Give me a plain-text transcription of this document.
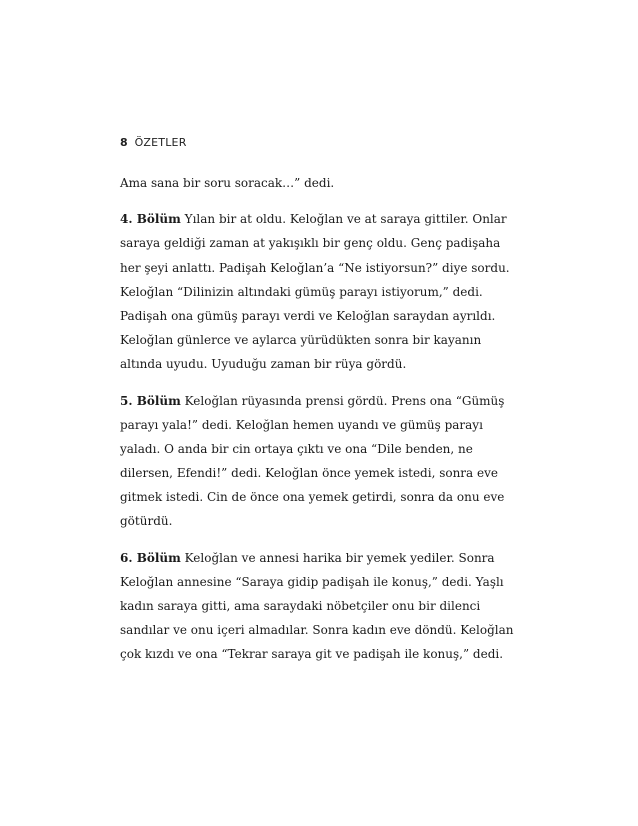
8 ÖZETLER
Ama sana bir soru soracak…” dedi.
4. Bölüm Yılan bir at oldu. Keloğlan ve at saraya gittiler. Onlar
saraya geldiği zaman at yakışıklı bir genç oldu. Genç padişaha
her şeyi anlattı. Padişah Keloğlan’a “Ne istiyorsun?” diye sordu.
Keloğlan “Dilinizin altındaki gümüş parayı istiyorum,” dedi.
Padişah ona gümüş parayı verdi ve Keloğlan saraydan ayrıldı.
Keloğlan günlerce ve aylarca yürüdükten sonra bir kayanın
altında uyudu. Uyuduğu zaman bir rüya gördü.
5. Bölüm Keloğlan rüyasında prensi gördü. Prens ona “Gümüş
parayı yala!” dedi. Keloğlan hemen uyandı ve gümüş parayı
yaladı. O anda bir cin ortaya çıktı ve ona “Dile benden, ne
dilersen, Efendi!” dedi. Keloğlan önce yemek istedi, sonra eve
gitmek istedi. Cin de önce ona yemek getirdi, sonra da onu eve
götürdü.
6. Bölüm Keloğlan ve annesi harika bir yemek yediler. Sonra
Keloğlan annesine “Saraya gidip padişah ile konuş,” dedi. Yaşlı
kadın saraya gitti, ama saraydaki nöbetçiler onu bir dilenci
sandılar ve onu içeri almadılar. Sonra kadın eve döndü. Keloğlan
çok kızdı ve ona “Tekrar saraya git ve padişah ile konuş,” dedi.
